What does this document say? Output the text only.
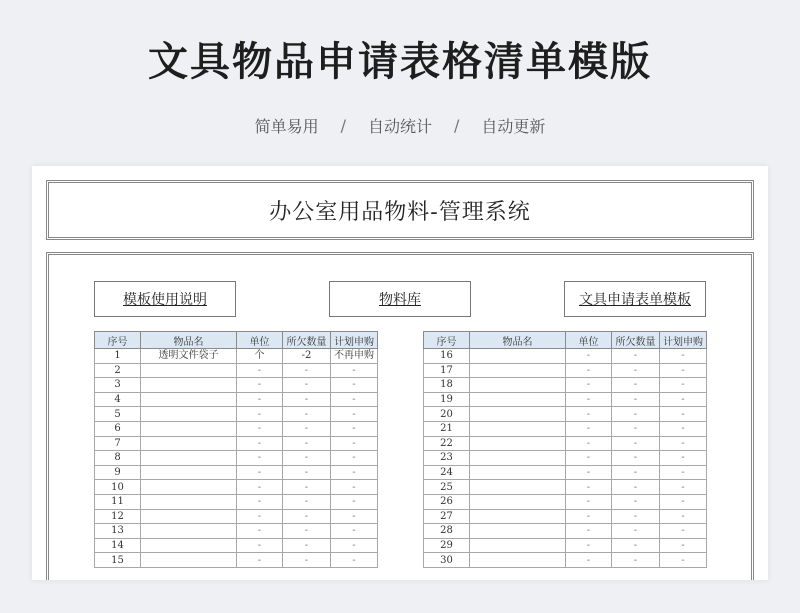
文具物品申请表格清单模版
简单易用 / 自动统计 / 自动更新
办公室用品物料-管理系统
模板使用说明	物料库	文具申请表单模板
序号	物品名	单位	所欠数量	计划申购
1	透明文件袋子	个	-2	不再申购
2		-	-	-
3		-	-	-
4		-	-	-
5		-	-	-
6		-	-	-
7		-	-	-
8		-	-	-
9		-	-	-
10		-	-	-
11		-	-	-
12		-	-	-
13		-	-	-
14		-	-	-
15		-	-	-
序号	物品名	单位	所欠数量	计划申购
16		-	-	-
17		-	-	-
18		-	-	-
19		-	-	-
20		-	-	-
21		-	-	-
22		-	-	-
23		-	-	-
24		-	-	-
25		-	-	-
26		-	-	-
27		-	-	-
28		-	-	-
29		-	-	-
30		-	-	-
